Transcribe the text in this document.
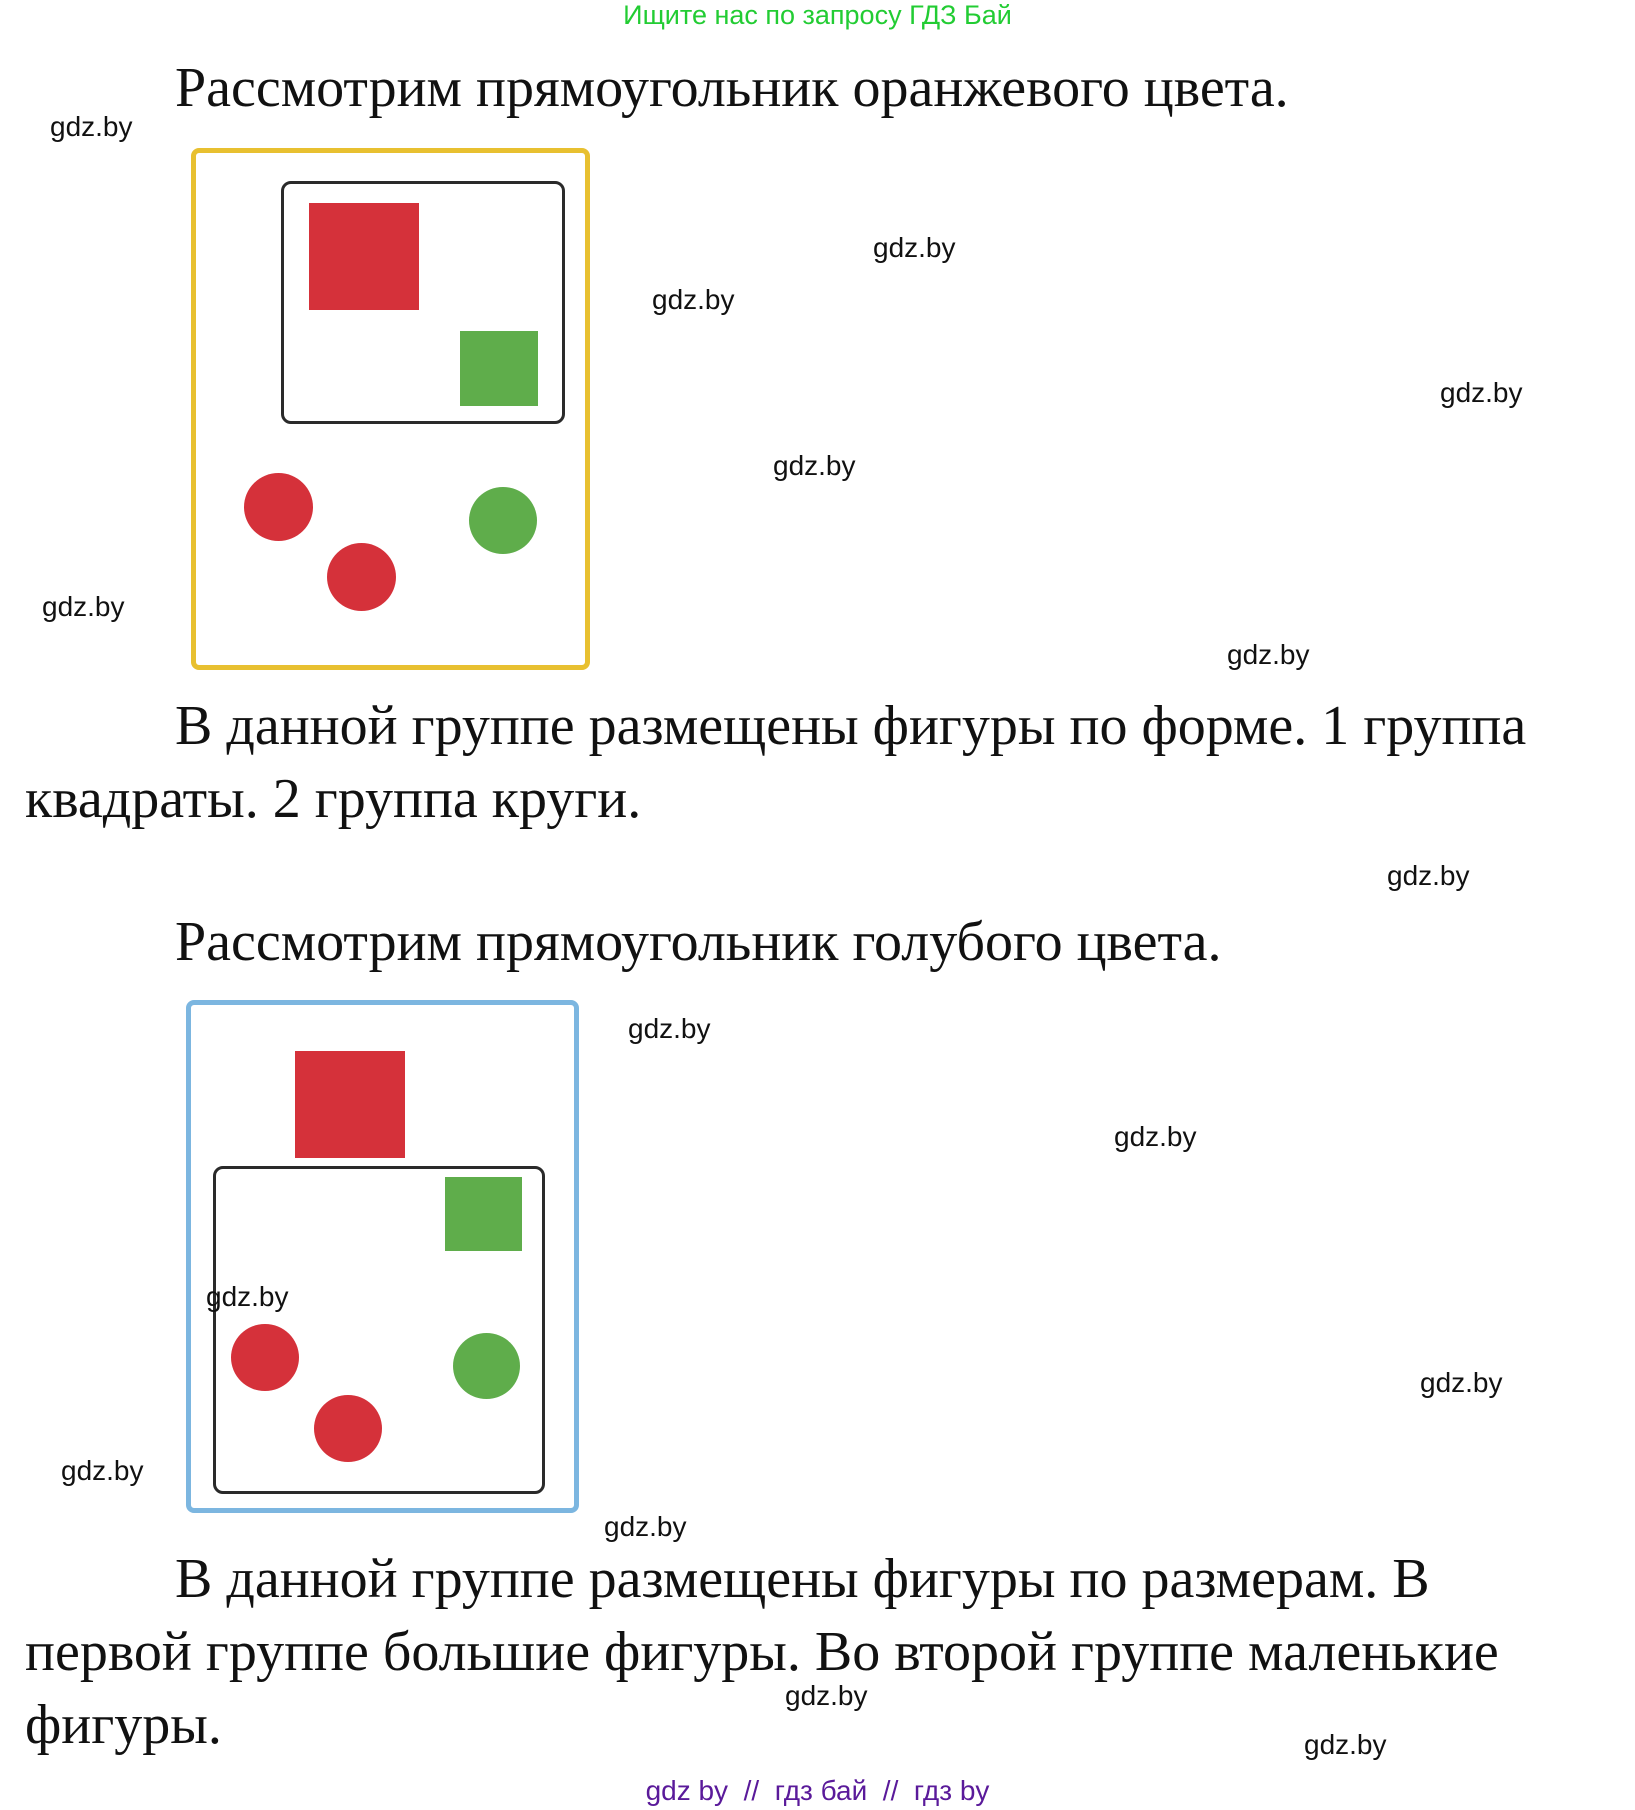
Ищите нас по запросу ГДЗ Бай

Рассмотрим прямоугольник оранжевого цвета.

В данной группе размещены фигуры по форме. 1 группа
квадраты. 2 группа круги.

Рассмотрим прямоугольник голубого цвета.

В данной группе размещены фигуры по размерам. В
первой группе большие фигуры. Во второй группе маленькие
фигуры.

gdz.by
gdz.by
gdz.by
gdz.by
gdz.by
gdz.by
gdz.by
gdz.by
gdz.by
gdz.by
gdz.by
gdz.by
gdz.by
gdz.by
gdz.by
gdz.by
gdz by  //  гдз бай  //  гдз by
